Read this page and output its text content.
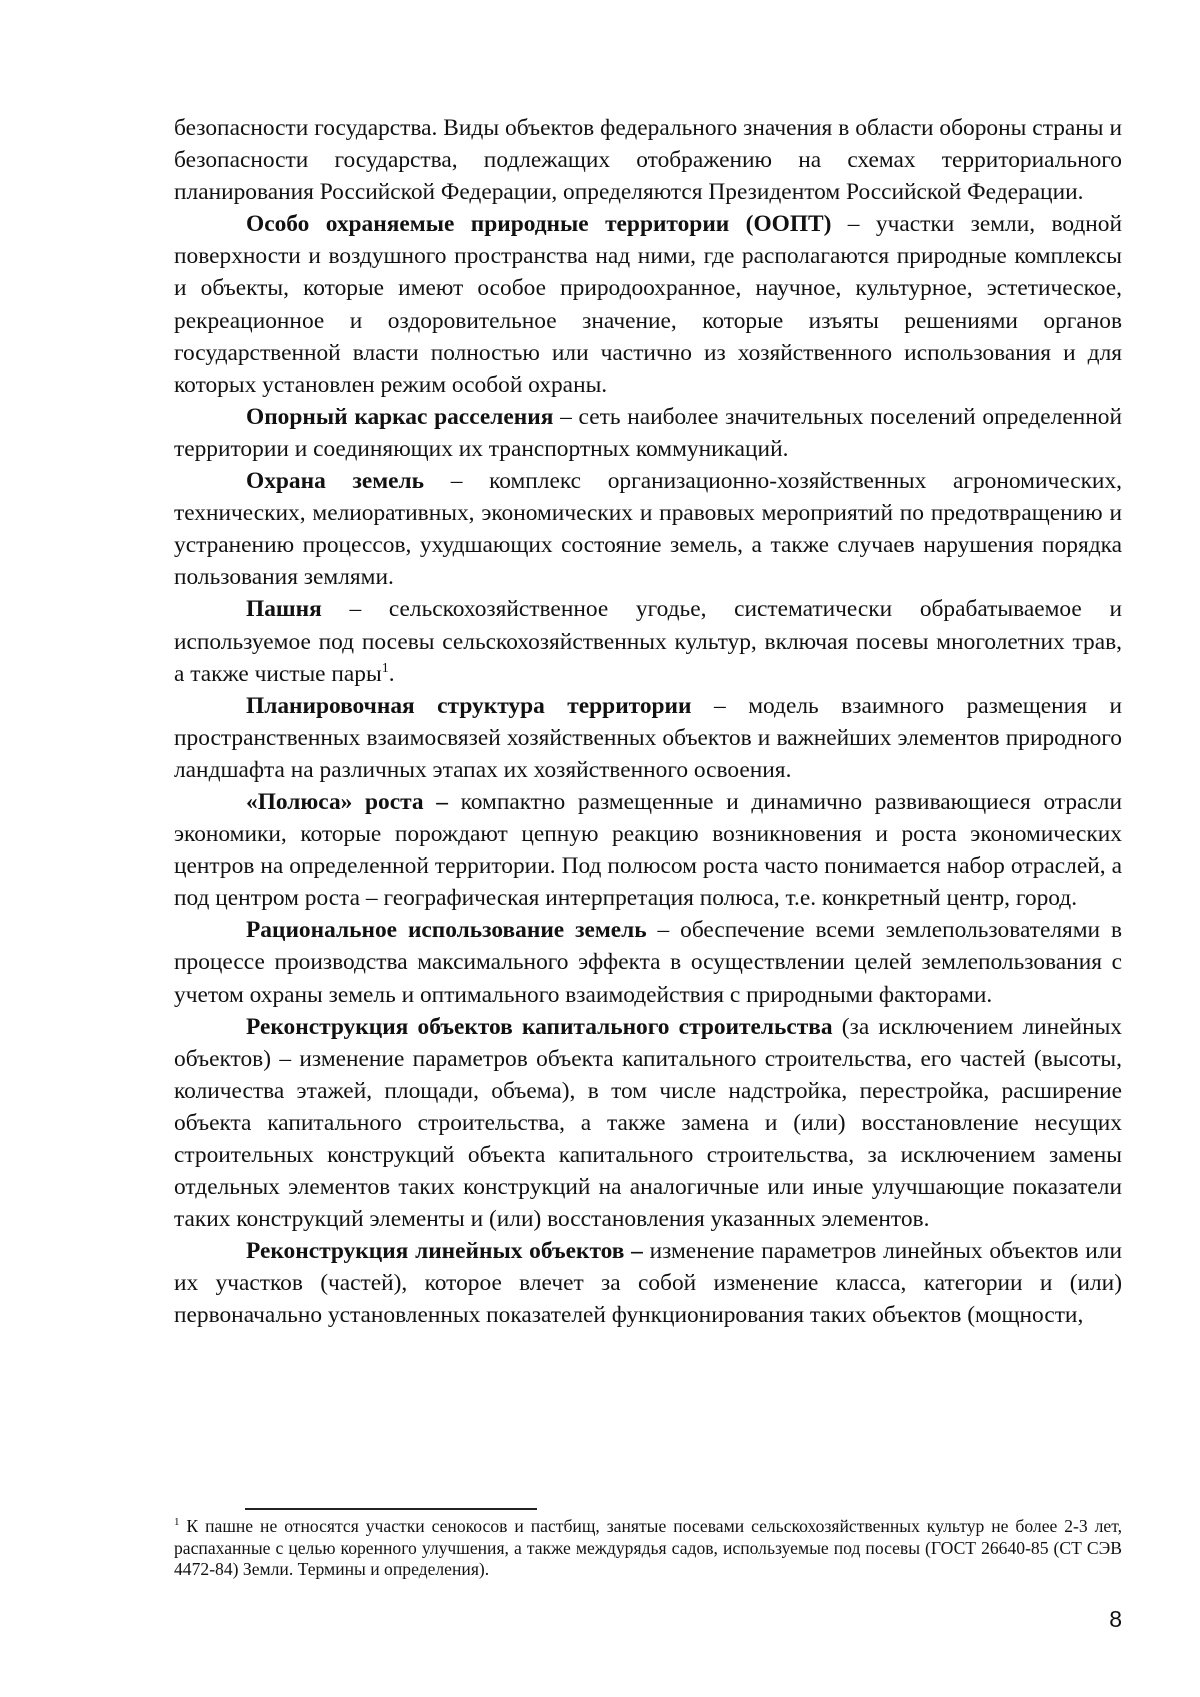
безопасности государства. Виды объектов федерального значения в области обороны страны и безопасности государства, подлежащих отображению на схемах территориального планирования Российской Федерации, определяются Президентом Российской Федерации.

Особо охраняемые природные территории (ООПТ) – участки земли, водной поверхности и воздушного пространства над ними, где располагаются природные комплексы и объекты, которые имеют особое природоохранное, научное, культурное, эстетическое, рекреационное и оздоровительное значение, которые изъяты решениями органов государственной власти полностью или частично из хозяйственного использования и для которых установлен режим особой охраны.

Опорный каркас расселения – сеть наиболее значительных поселений определенной территории и соединяющих их транспортных коммуникаций.

Охрана земель – комплекс организационно-хозяйственных агрономических, технических, мелиоративных, экономических и правовых мероприятий по предотвращению и устранению процессов, ухудшающих состояние земель, а также случаев нарушения порядка пользования землями.

Пашня – сельскохозяйственное угодье, систематически обрабатываемое и используемое под посевы сельскохозяйственных культур, включая посевы многолетних трав, а также чистые пары$^1$.

Планировочная структура территории – модель взаимного размещения и пространственных взаимосвязей хозяйственных объектов и важнейших элементов природного ландшафта на различных этапах их хозяйственного освоения.

«Полюса» роста – компактно размещенные и динамично развивающиеся отрасли экономики, которые порождают цепную реакцию возникновения и роста экономических центров на определенной территории. Под полюсом роста часто понимается набор отраслей, а под центром роста – географическая интерпретация полюса, т.е. конкретный центр, город.

Рациональное использование земель – обеспечение всеми землепользователями в процессе производства максимального эффекта в осуществлении целей землепользования с учетом охраны земель и оптимального взаимодействия с природными факторами.

Реконструкция объектов капитального строительства (за исключением линейных объектов) – изменение параметров объекта капитального строительства, его частей (высоты, количества этажей, площади, объема), в том числе надстройка, перестройка, расширение объекта капитального строительства, а также замена и (или) восстановление несущих строительных конструкций объекта капитального строительства, за исключением замены отдельных элементов таких конструкций на аналогичные или иные улучшающие показатели таких конструкций элементы и (или) восстановления указанных элементов.

Реконструкция линейных объектов – изменение параметров линейных объектов или их участков (частей), которое влечет за собой изменение класса, категории и (или) первоначально установленных показателей функционирования таких объектов (мощности,

$^1$ К пашне не относятся участки сенокосов и пастбищ, занятые посевами сельскохозяйственных культур не более 2-3 лет, распаханные с целью коренного улучшения, а также междурядья садов, используемые под посевы (ГОСТ 26640-85 (СТ СЭВ 4472-84) Земли. Термины и определения).

8
